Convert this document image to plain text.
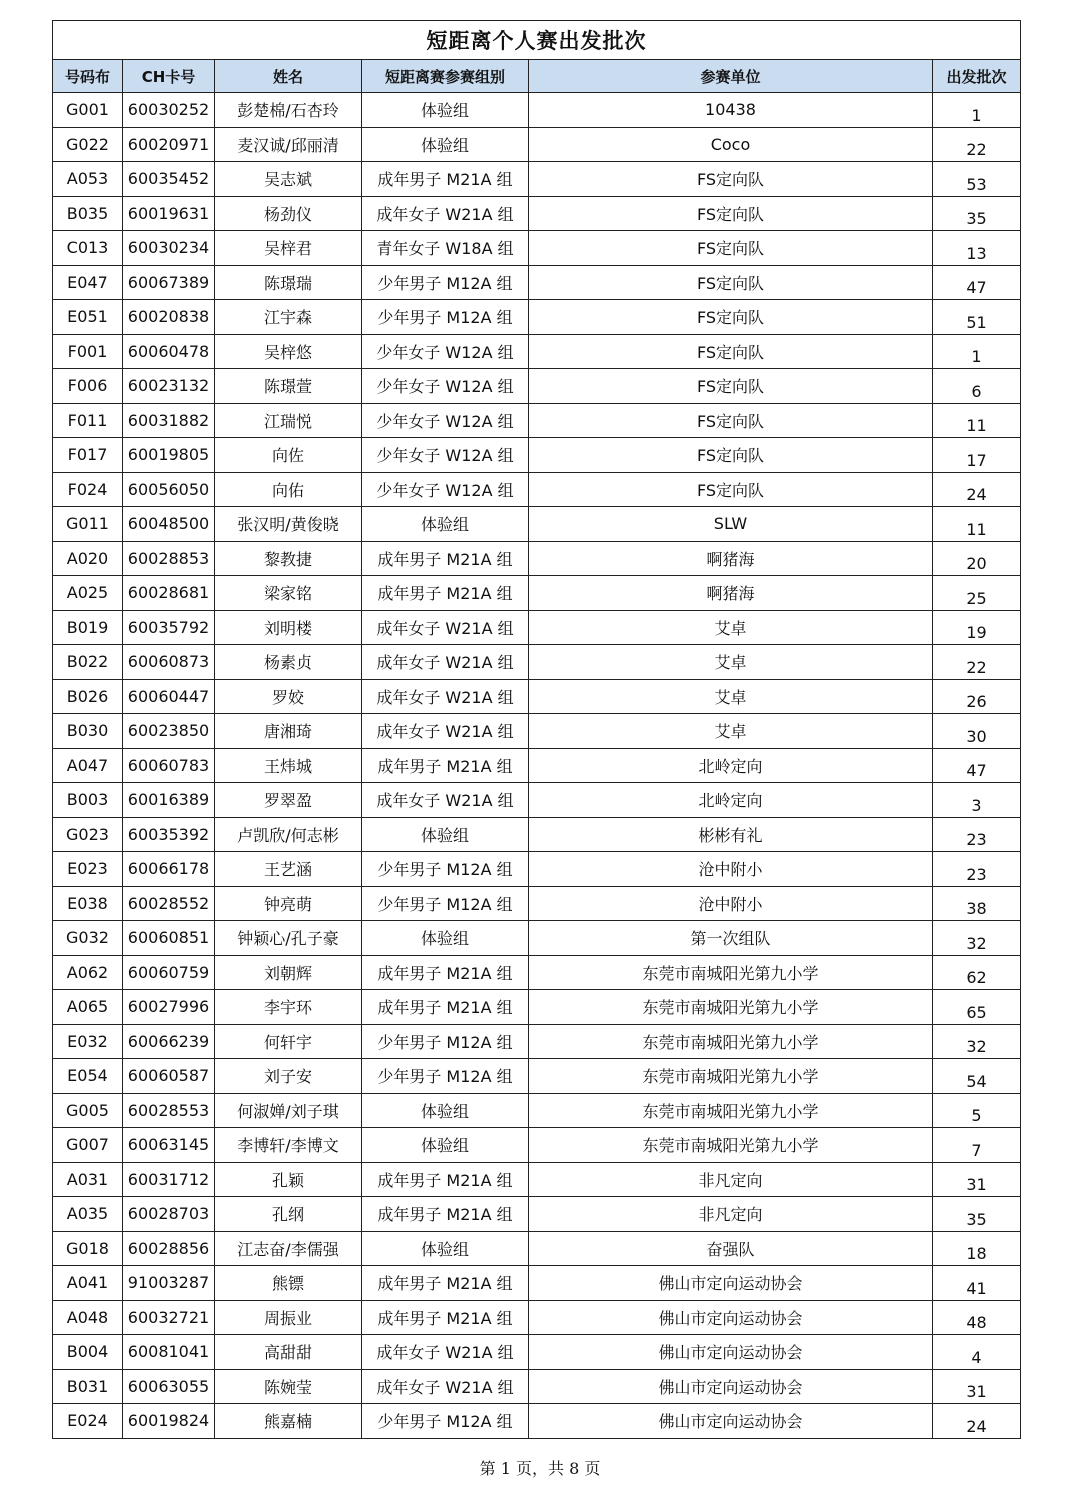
短距离个人赛出发批次					
号码布	CH卡号	姓名	短距离赛参赛组别	参赛单位	出发批次
G001	60030252	彭楚棉/石杏玲	体验组	10438	1
G022	60020971	麦汉诚/邱丽清	体验组	Coco	22
A053	60035452	吴志斌	成年男子 M21A 组	FS定向队	53
B035	60019631	杨劲仪	成年女子 W21A 组	FS定向队	35
C013	60030234	吴梓君	青年女子 W18A 组	FS定向队	13
E047	60067389	陈璟瑞	少年男子 M12A 组	FS定向队	47
E051	60020838	江宇森	少年男子 M12A 组	FS定向队	51
F001	60060478	吴梓悠	少年女子 W12A 组	FS定向队	1
F006	60023132	陈璟萱	少年女子 W12A 组	FS定向队	6
F011	60031882	江瑞悦	少年女子 W12A 组	FS定向队	11
F017	60019805	向佐	少年女子 W12A 组	FS定向队	17
F024	60056050	向佑	少年女子 W12A 组	FS定向队	24
G011	60048500	张汉明/黄俊晓	体验组	SLW	11
A020	60028853	黎教捷	成年男子 M21A 组	啊猪海	20
A025	60028681	梁家铭	成年男子 M21A 组	啊猪海	25
B019	60035792	刘明楼	成年女子 W21A 组	艾卓	19
B022	60060873	杨素贞	成年女子 W21A 组	艾卓	22
B026	60060447	罗姣	成年女子 W21A 组	艾卓	26
B030	60023850	唐湘琦	成年女子 W21A 组	艾卓	30
A047	60060783	王炜城	成年男子 M21A 组	北岭定向	47
B003	60016389	罗翠盈	成年女子 W21A 组	北岭定向	3
G023	60035392	卢凯欣/何志彬	体验组	彬彬有礼	23
E023	60066178	王艺涵	少年男子 M12A 组	沧中附小	23
E038	60028552	钟亮萌	少年男子 M12A 组	沧中附小	38
G032	60060851	钟颖心/孔子豪	体验组	第一次组队	32
A062	60060759	刘朝辉	成年男子 M21A 组	东莞市南城阳光第九小学	62
A065	60027996	李宇环	成年男子 M21A 组	东莞市南城阳光第九小学	65
E032	60066239	何轩宇	少年男子 M12A 组	东莞市南城阳光第九小学	32
E054	60060587	刘子安	少年男子 M12A 组	东莞市南城阳光第九小学	54
G005	60028553	何淑婵/刘子琪	体验组	东莞市南城阳光第九小学	5
G007	60063145	李博轩/李博文	体验组	东莞市南城阳光第九小学	7
A031	60031712	孔颖	成年男子 M21A 组	非凡定向	31
A035	60028703	孔纲	成年男子 M21A 组	非凡定向	35
G018	60028856	江志奋/李儒强	体验组	奋强队	18
A041	91003287	熊镖	成年男子 M21A 组	佛山市定向运动协会	41
A048	60032721	周振业	成年男子 M21A 组	佛山市定向运动协会	48
B004	60081041	高甜甜	成年女子 W21A 组	佛山市定向运动协会	4
B031	60063055	陈婉莹	成年女子 W21A 组	佛山市定向运动协会	31
E024	60019824	熊嘉楠	少年男子 M12A 组	佛山市定向运动协会	24
第 1 页，共 8 页
